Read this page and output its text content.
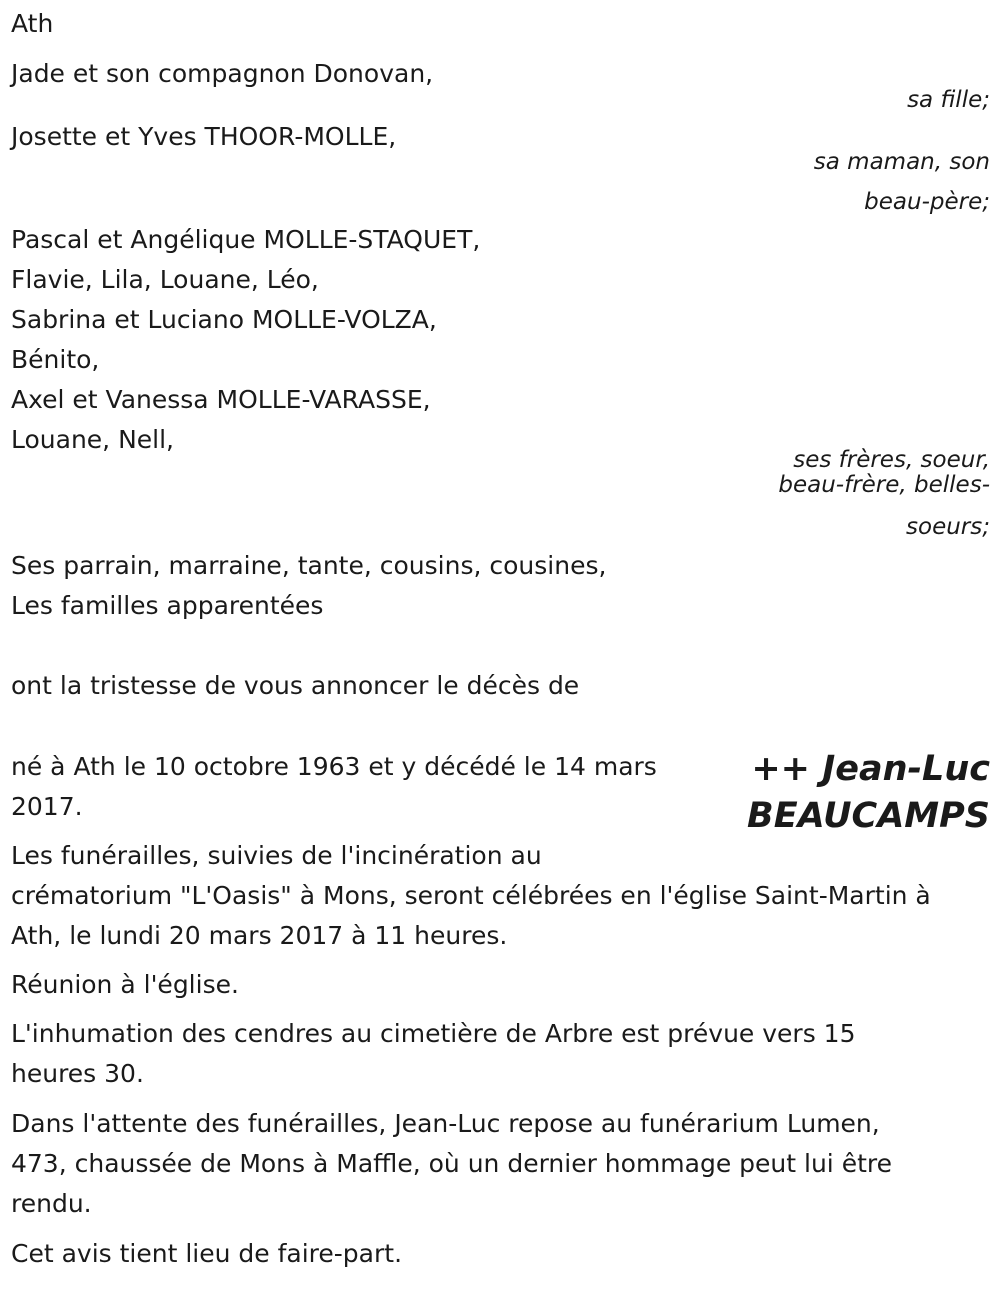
Ath
Jade et son compagnon Donovan,
sa fille;
Josette et Yves THOOR-MOLLE,
sa maman, son
beau-père;
Pascal et Angélique MOLLE-STAQUET,
Flavie, Lila, Louane, Léo,
Sabrina et Luciano MOLLE-VOLZA,
Bénito,
Axel et Vanessa MOLLE-VARASSE,
Louane, Nell,
ses frères, soeur,
beau-frère, belles-
soeurs;
Ses parrain, marraine, tante, cousins, cousines,
Les familles apparentées
ont la tristesse de vous annoncer le décès de
né à Ath le 10 octobre 1963 et y décédé le 14 mars
2017.
++ Jean-Luc
BEAUCAMPS
Les funérailles, suivies de l'incinération au
crématorium "L'Oasis" à Mons, seront célébrées en l'église Saint-Martin à
Ath, le lundi 20 mars 2017 à 11 heures.
Réunion à l'église.
L'inhumation des cendres au cimetière de Arbre est prévue vers 15
heures 30.
Dans l'attente des funérailles, Jean-Luc repose au funérarium Lumen,
473, chaussée de Mons à Maffle, où un dernier hommage peut lui être
rendu.
Cet avis tient lieu de faire-part.
